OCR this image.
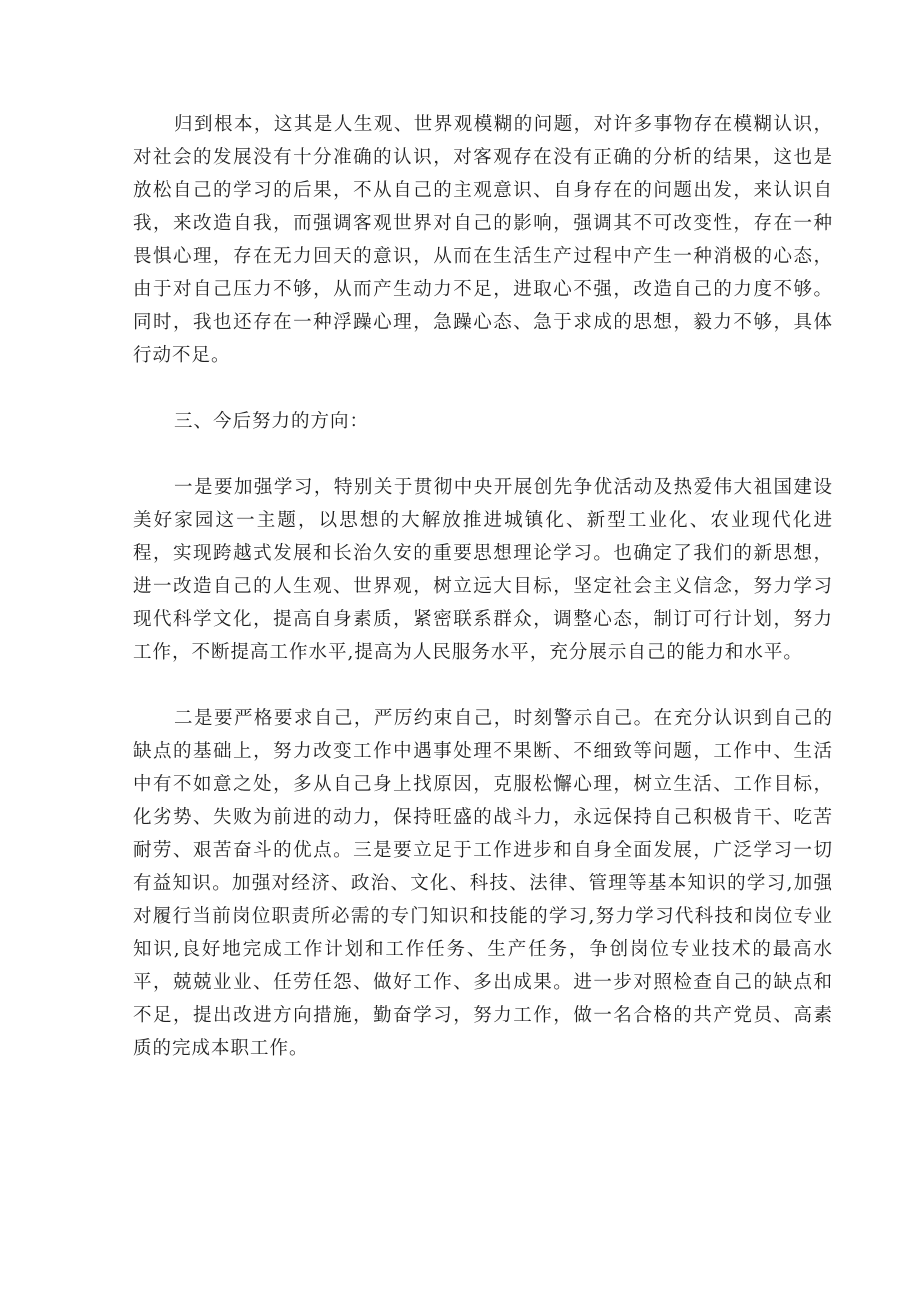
归到根本，这其是人生观、世界观模糊的问题，对许多事物存在模糊认识，对社会的发展没有十分准确的认识，对客观存在没有正确的分析的结果，这也是放松自己的学习的后果，不从自己的主观意识、自身存在的问题出发，来认识自我，来改造自我，而强调客观世界对自己的影响，强调其不可改变性，存在一种畏惧心理，存在无力回天的意识，从而在生活生产过程中产生一种消极的心态，由于对自己压力不够，从而产生动力不足，进取心不强，改造自己的力度不够。同时，我也还存在一种浮躁心理，急躁心态、急于求成的思想，毅力不够，具体行动不足。

三、今后努力的方向：

一是要加强学习，特别关于贯彻中央开展创先争优活动及热爱伟大祖国建设美好家园这一主题，以思想的大解放推进城镇化、新型工业化、农业现代化进程，实现跨越式发展和长治久安的重要思想理论学习。也确定了我们的新思想，进一改造自己的人生观、世界观，树立远大目标，坚定社会主义信念，努力学习现代科学文化，提高自身素质，紧密联系群众，调整心态，制订可行计划，努力工作，不断提高工作水平,提高为人民服务水平，充分展示自己的能力和水平。

二是要严格要求自己，严厉约束自己，时刻警示自己。在充分认识到自己的缺点的基础上，努力改变工作中遇事处理不果断、不细致等问题，工作中、生活中有不如意之处，多从自己身上找原因，克服松懈心理，树立生活、工作目标，化劣势、失败为前进的动力，保持旺盛的战斗力，永远保持自己积极肯干、吃苦耐劳、艰苦奋斗的优点。三是要立足于工作进步和自身全面发展，广泛学习一切有益知识。加强对经济、政治、文化、科技、法律、管理等基本知识的学习,加强对履行当前岗位职责所必需的专门知识和技能的学习,努力学习代科技和岗位专业知识,良好地完成工作计划和工作任务、生产任务，争创岗位专业技术的最高水平，兢兢业业、任劳任怨、做好工作、多出成果。进一步对照检查自己的缺点和不足，提出改进方向措施，勤奋学习，努力工作，做一名合格的共产党员、高素质的完成本职工作。
